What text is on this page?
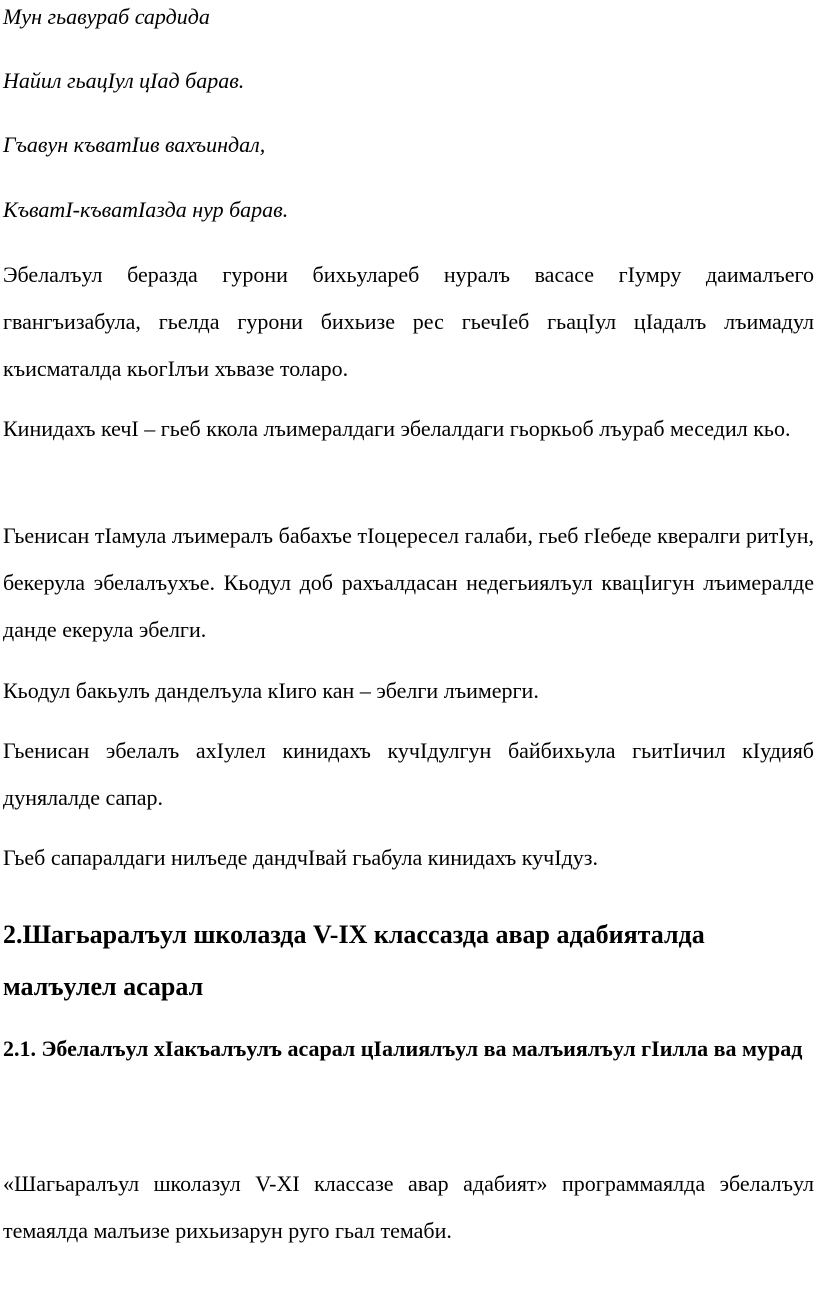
Мун гьавураб сардида

Найил гьацIул цIад барав.

Гъавун къватIив вахъиндал,

КъватI-къватIазда нур барав.

Эбелалъул бераздa гурони бихьулареб нуралъ васасе гIумру даималъего гвангъизабула, гьелда гурони бихьизе рес гьечIеб гьацIул цIадалъ лъимадул къисматалда кьогIлъи хъвазе толаро.

Кинидахъ кечI – гьеб ккола лъимералдаги эбелалдаги гьоркьоб лъураб меседил кьо.

Гьенисан тIамула лъимералъ бабахъе тIоцересел галаби, гьеб гIебеде кверaлги ритIун, бекерула эбелалъухъе. Кьодул доб рахъалдасан недегьиялъул квацIигун лъимералде данде екерула эбелги.

Кьодул бакьулъ данделъула кIиго кан – эбелги лъимерги.

Гьенисан эбелалъ ахIулел кинидахъ кучIдулгун байбихьула гьитIичил кIудияб дунялалде сапар.

Гьеб сапаралдаги нилъеде дандчIвай гьабула кинидахъ кучIдуз.

2.Шагьаралъул школазда V-IX классазда авар адабияталда малъулел асарал
2.1. Эбелалъул хIакъалъулъ асарал цIалиялъул ва малъиялъул гIилла ва мурад

«Шагьаралъул школазул V-XI классазе авар адабият» программаялда эбелалъул темаялда малъизе рихьизарун руго гьал темаби.
